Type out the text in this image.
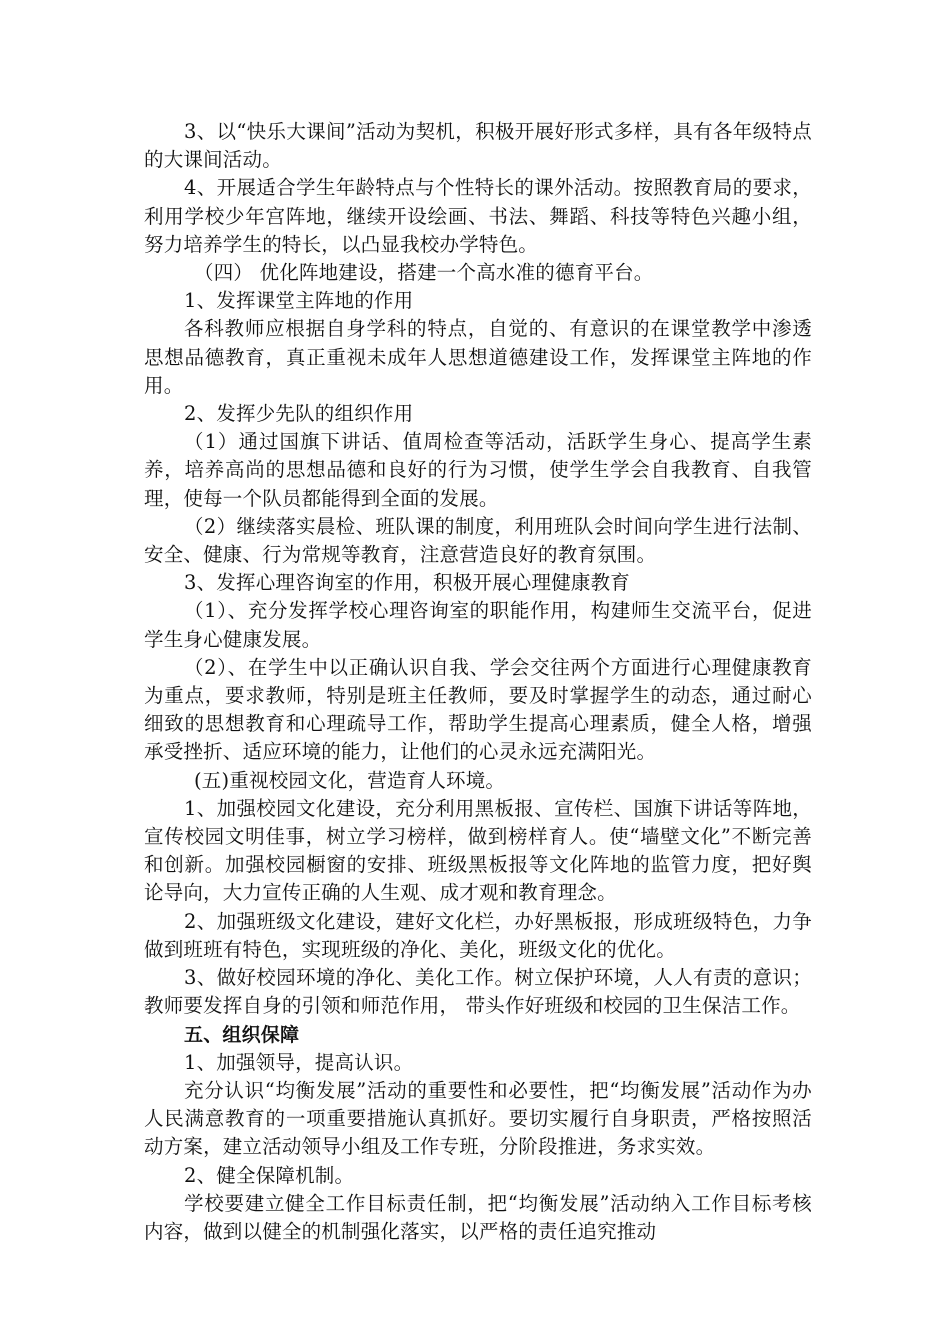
3、以“快乐大课间”活动为契机，积极开展好形式多样，具有各年级特点的大课间活动。

4、开展适合学生年龄特点与个性特长的课外活动。按照教育局的要求，利用学校少年宫阵地，继续开设绘画、书法、舞蹈、科技等特色兴趣小组，努力培养学生的特长，以凸显我校办学特色。

（四） 优化阵地建设，搭建一个高水准的德育平台。

1、发挥课堂主阵地的作用

各科教师应根据自身学科的特点，自觉的、有意识的在课堂教学中渗透思想品德教育，真正重视未成年人思想道德建设工作，发挥课堂主阵地的作用。

2、发挥少先队的组织作用

（1）通过国旗下讲话、值周检查等活动，活跃学生身心、提高学生素养，培养高尚的思想品德和良好的行为习惯，使学生学会自我教育、自我管理，使每一个队员都能得到全面的发展。

（2）继续落实晨检、班队课的制度，利用班队会时间向学生进行法制、安全、健康、行为常规等教育，注意营造良好的教育氛围。

3、发挥心理咨询室的作用，积极开展心理健康教育

（1）、充分发挥学校心理咨询室的职能作用，构建师生交流平台，促进学生身心健康发展。

（2）、在学生中以正确认识自我、学会交往两个方面进行心理健康教育为重点，要求教师，特别是班主任教师，要及时掌握学生的动态，通过耐心细致的思想教育和心理疏导工作，帮助学生提高心理素质，健全人格，增强承受挫折、适应环境的能力，让他们的心灵永远充满阳光。

(五)重视校园文化，营造育人环境。

1、加强校园文化建设，充分利用黑板报、宣传栏、国旗下讲话等阵地，宣传校园文明佳事，树立学习榜样，做到榜样育人。使“墙壁文化”不断完善和创新。加强校园橱窗的安排、班级黑板报等文化阵地的监管力度，把好舆论导向，大力宣传正确的人生观、成才观和教育理念。

2、加强班级文化建设，建好文化栏，办好黑板报，形成班级特色，力争做到班班有特色，实现班级的净化、美化，班级文化的优化。

3、做好校园环境的净化、美化工作。树立保护环境，人人有责的意识；教师要发挥自身的引领和师范作用， 带头作好班级和校园的卫生保洁工作。

五、组织保障

1、加强领导，提高认识。

充分认识“均衡发展”活动的重要性和必要性，把“均衡发展”活动作为办人民满意教育的一项重要措施认真抓好。要切实履行自身职责，严格按照活动方案，建立活动领导小组及工作专班，分阶段推进，务求实效。

2、健全保障机制。

学校要建立健全工作目标责任制，把“均衡发展”活动纳入工作目标考核内容，做到以健全的机制强化落实，以严格的责任追究推动
